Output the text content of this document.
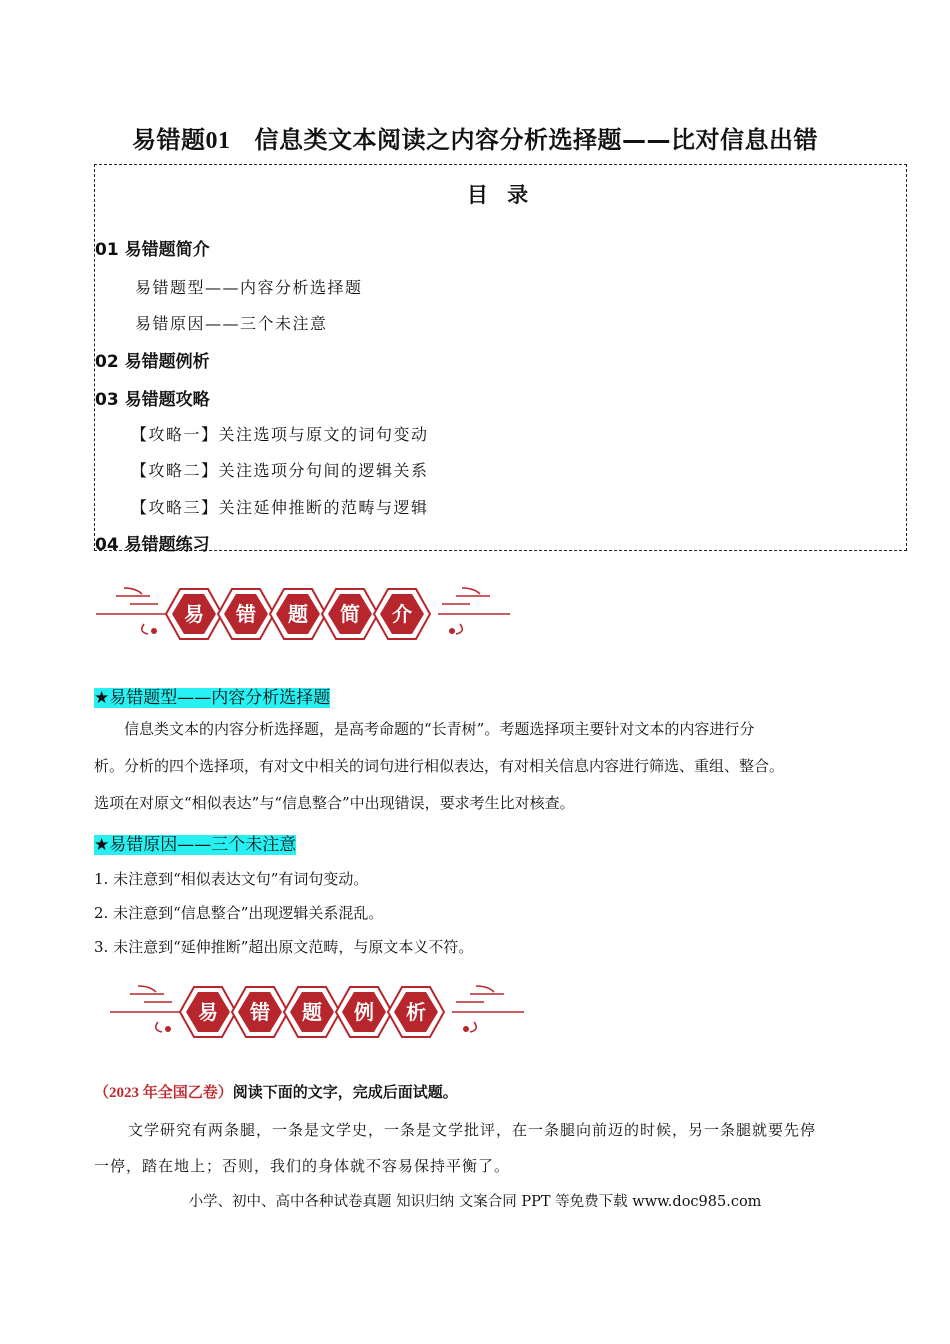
易错题01 信息类文本阅读之内容分析选择题——比对信息出错
目 录
01 易错题简介
易错题型——内容分析选择题
易错原因——三个未注意
02 易错题例析
03 易错题攻略
【攻略一】关注选项与原文的词句变动
【攻略二】关注选项分句间的逻辑关系
【攻略三】关注延伸推断的范畴与逻辑
04 易错题练习
易 错 题 简 介
★易错题型——内容分析选择题

信息类文本的内容分析选择题，是高考命题的“长青树”。考题选择项主要针对文本的内容进行分

析。分析的四个选择项，有对文中相关的词句进行相似表达，有对相关信息内容进行筛选、重组、整合。

选项在对原文“相似表达”与“信息整合”中出现错误，要求考生比对核查。

★易错原因——三个未注意
1. 未注意到“相似表达文句”有词句变动。
2. 未注意到“信息整合”出现逻辑关系混乱。
3. 未注意到“延伸推断”超出原文范畴，与原文本义不符。
易 错 题 例 析
（2023 年全国乙卷）阅读下面的文字，完成后面试题。
文学研究有两条腿，一条是文学史，一条是文学批评，在一条腿向前迈的时候，另一条腿就要先停
一停，踏在地上；否则，我们的身体就不容易保持平衡了。
小学、初中、高中各种试卷真题 知识归纳 文案合同 PPT 等免费下载 www.doc985.com
